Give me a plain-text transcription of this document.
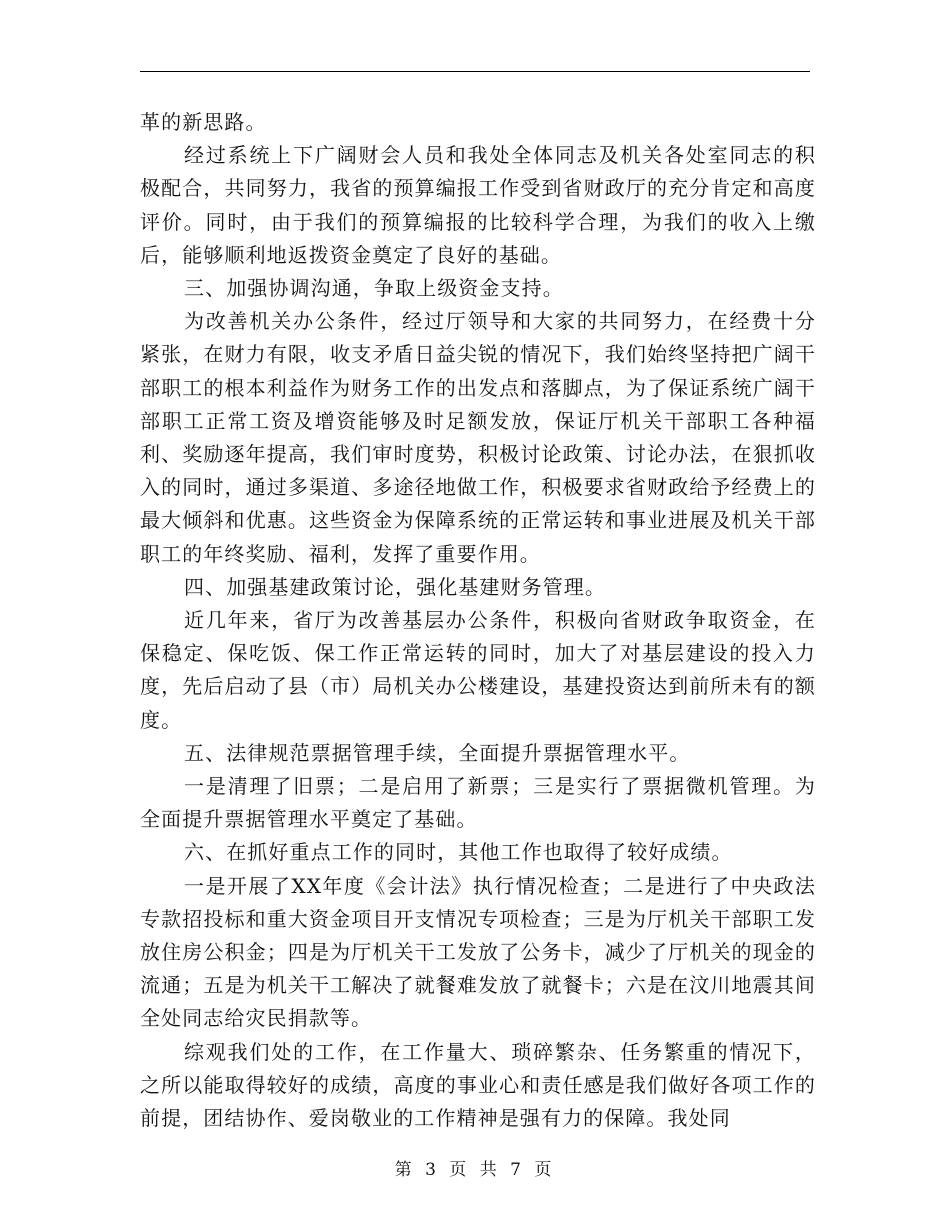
革的新思路。

经过系统上下广阔财会人员和我处全体同志及机关各处室同志的积极配合，共同努力，我省的预算编报工作受到省财政厅的充分肯定和高度评价。同时，由于我们的预算编报的比较科学合理，为我们的收入上缴后，能够顺利地返拨资金奠定了良好的基础。

三、加强协调沟通，争取上级资金支持。

为改善机关办公条件，经过厅领导和大家的共同努力，在经费十分紧张，在财力有限，收支矛盾日益尖锐的情况下，我们始终坚持把广阔干部职工的根本利益作为财务工作的出发点和落脚点，为了保证系统广阔干部职工正常工资及增资能够及时足额发放，保证厅机关干部职工各种福利、奖励逐年提高，我们审时度势，积极讨论政策、讨论办法，在狠抓收入的同时，通过多渠道、多途径地做工作，积极要求省财政给予经费上的最大倾斜和优惠。这些资金为保障系统的正常运转和事业进展及机关干部职工的年终奖励、福利，发挥了重要作用。

四、加强基建政策讨论，强化基建财务管理。

近几年来，省厅为改善基层办公条件，积极向省财政争取资金，在保稳定、保吃饭、保工作正常运转的同时，加大了对基层建设的投入力度，先后启动了县（市）局机关办公楼建设，基建投资达到前所未有的额度。

五、法律规范票据管理手续，全面提升票据管理水平。

一是清理了旧票；二是启用了新票；三是实行了票据微机管理。为全面提升票据管理水平奠定了基础。

六、在抓好重点工作的同时，其他工作也取得了较好成绩。

一是开展了XX年度《会计法》执行情况检查；二是进行了中央政法专款招投标和重大资金项目开支情况专项检查；三是为厅机关干部职工发放住房公积金；四是为厅机关干工发放了公务卡，减少了厅机关的现金的流通；五是为机关干工解决了就餐难发放了就餐卡；六是在汶川地震其间全处同志给灾民捐款等。

综观我们处的工作，在工作量大、琐碎繁杂、任务繁重的情况下，之所以能取得较好的成绩，高度的事业心和责任感是我们做好各项工作的前提，团结协作、爱岗敬业的工作精神是强有力的保障。我处同

第 3 页 共 7 页
